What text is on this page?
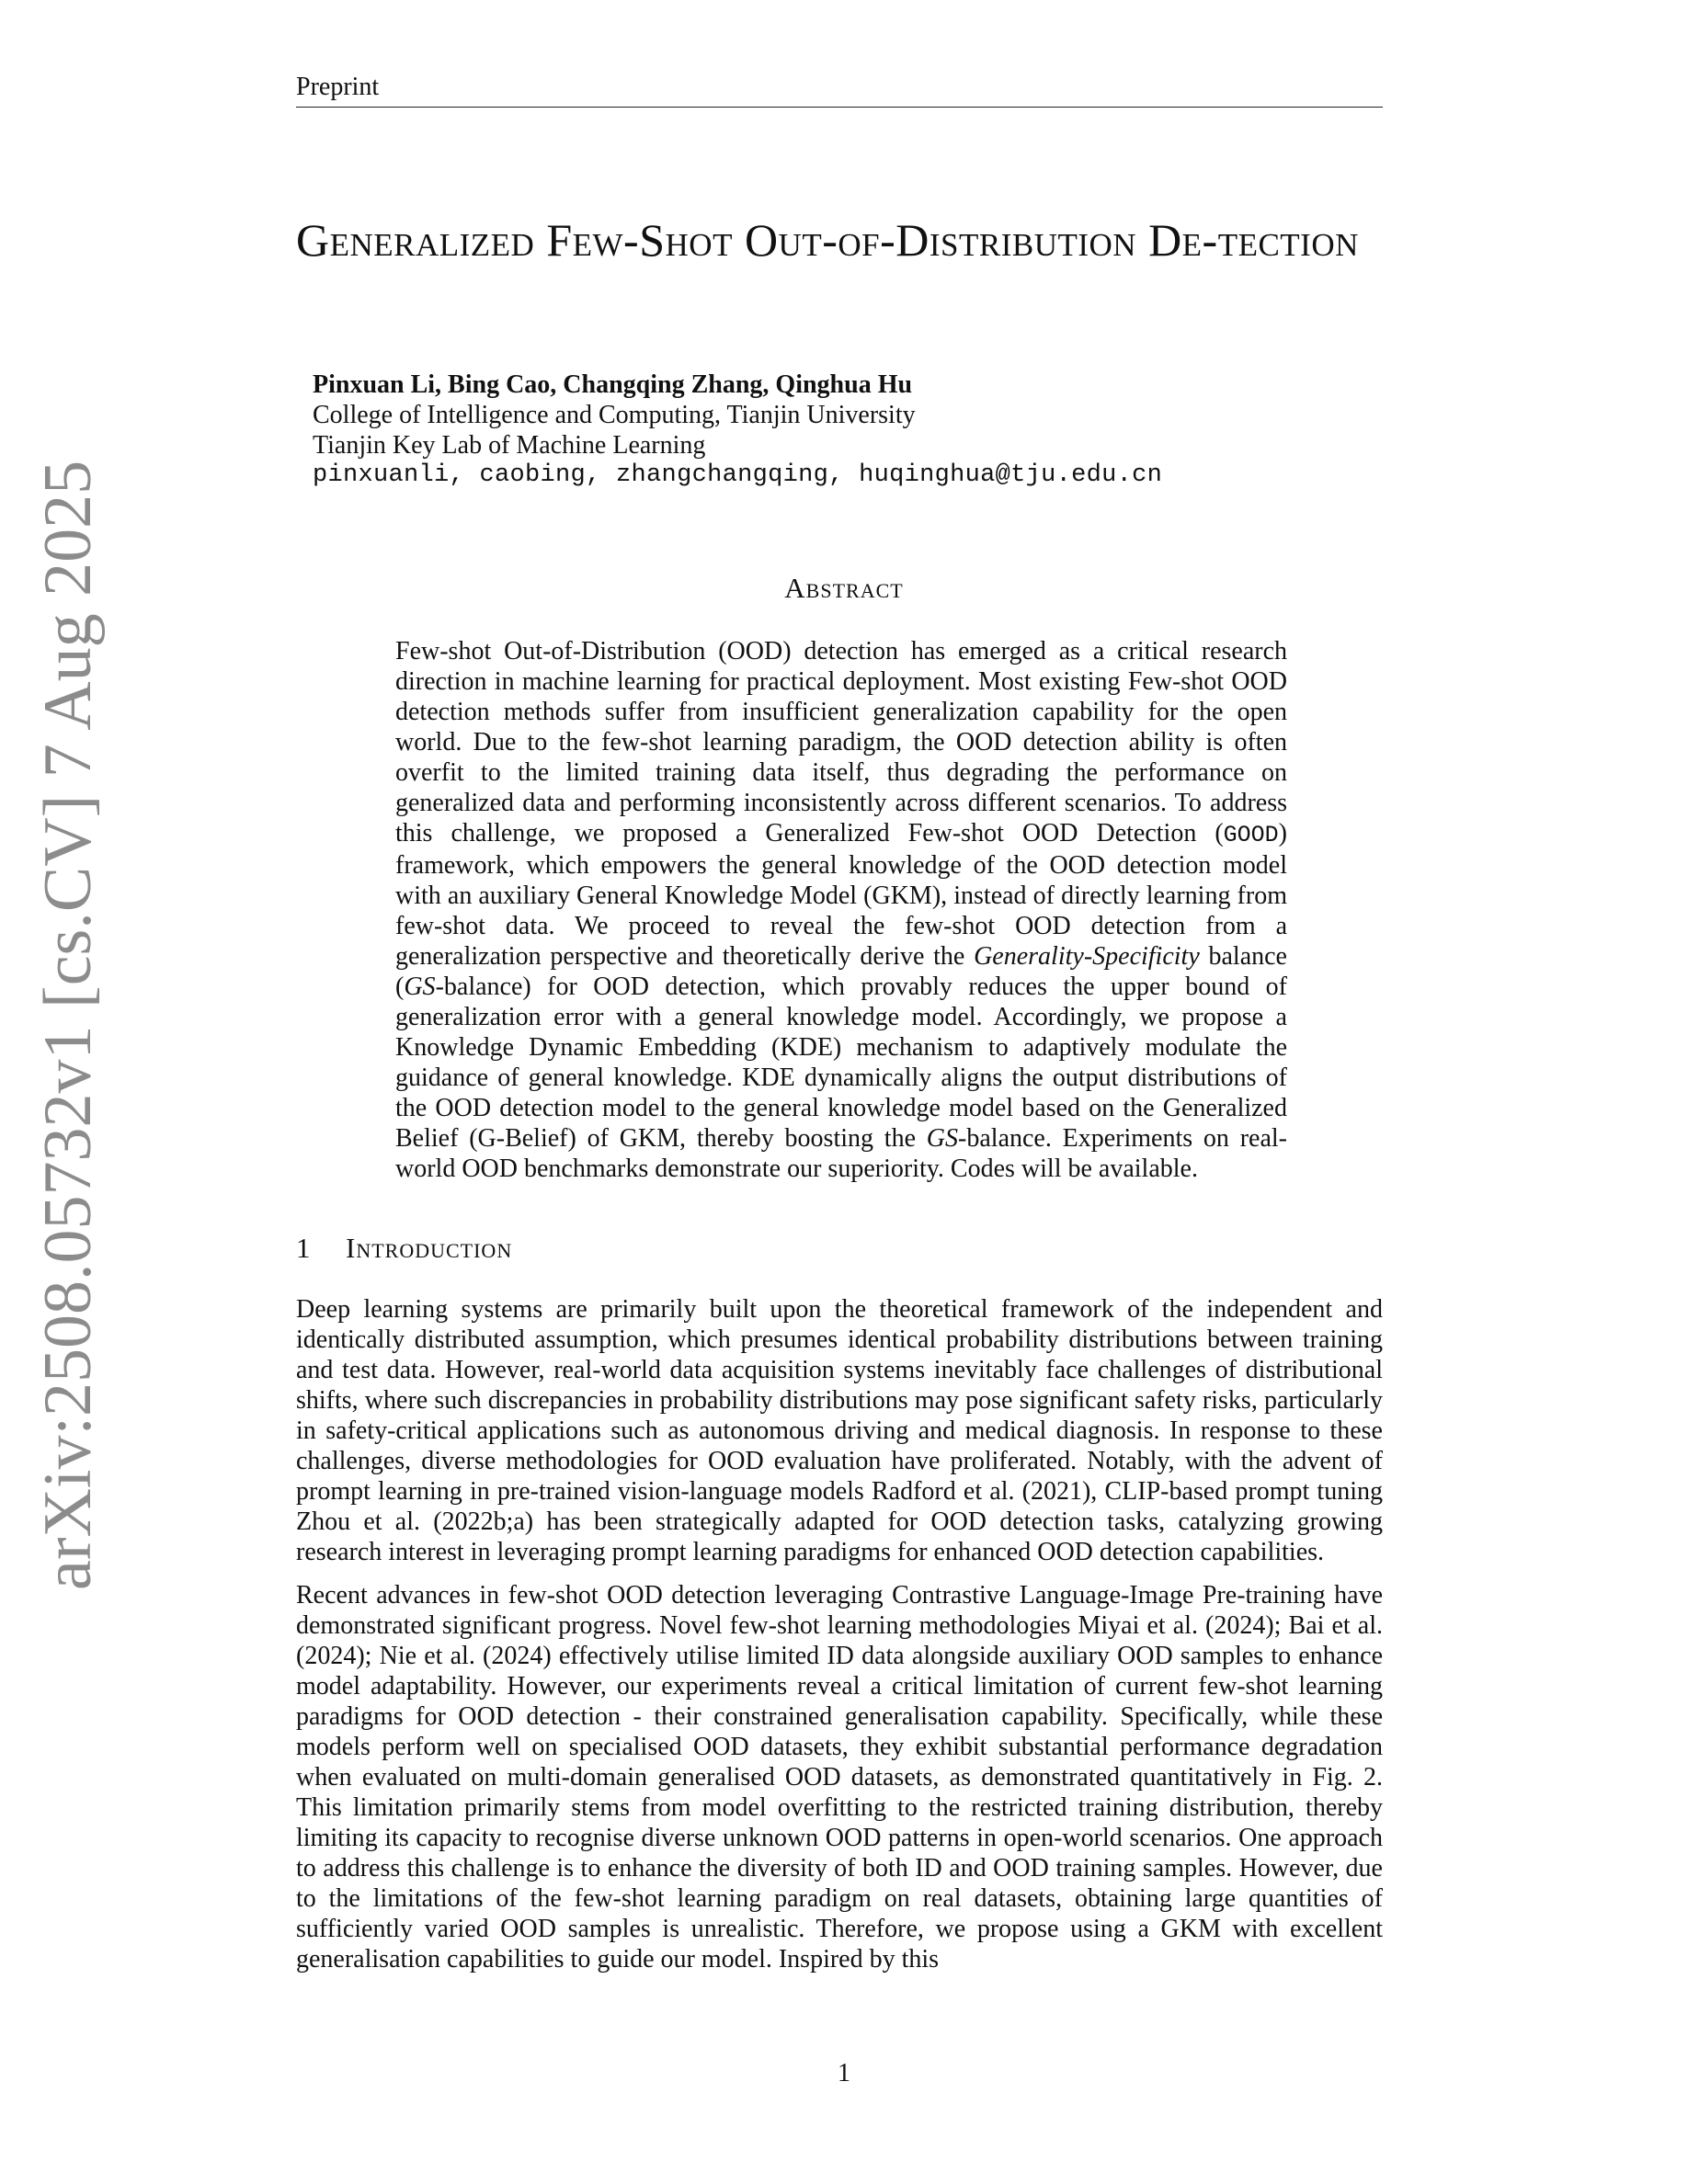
Preprint
Generalized Few-Shot Out-of-Distribution De-tection
Pinxuan Li, Bing Cao, Changqing Zhang, Qinghua Hu
College of Intelligence and Computing, Tianjin University
Tianjin Key Lab of Machine Learning
pinxuanli, caobing, zhangchangqing, huqinghua@tju.edu.cn
Abstract

Few-shot Out-of-Distribution (OOD) detection has emerged as a critical research direction in machine learning for practical deployment. Most existing Few-shot OOD detection methods suffer from insufficient generalization capability for the open world. Due to the few-shot learning paradigm, the OOD detection ability is often overfit to the limited training data itself, thus degrading the performance on generalized data and performing inconsistently across different scenarios. To address this challenge, we proposed a Generalized Few-shot OOD Detection (GOOD) framework, which empowers the general knowledge of the OOD detection model with an auxiliary General Knowledge Model (GKM), instead of directly learning from few-shot data. We proceed to reveal the few-shot OOD detection from a generalization perspective and theoretically derive the Generality-Specificity balance (GS-balance) for OOD detection, which provably reduces the upper bound of generalization error with a general knowledge model. Accordingly, we propose a Knowledge Dynamic Embedding (KDE) mechanism to adaptively modulate the guidance of general knowledge. KDE dynamically aligns the output distributions of the OOD detection model to the general knowledge model based on the Generalized Belief (G-Belief) of GKM, thereby boosting the GS-balance. Experiments on real-world OOD benchmarks demonstrate our superiority. Codes will be available.

1 Introduction

Deep learning systems are primarily built upon the theoretical framework of the independent and identically distributed assumption, which presumes identical probability distributions between training and test data. However, real-world data acquisition systems inevitably face challenges of distributional shifts, where such discrepancies in probability distributions may pose significant safety risks, particularly in safety-critical applications such as autonomous driving and medical diagnosis. In response to these challenges, diverse methodologies for OOD evaluation have proliferated. Notably, with the advent of prompt learning in pre-trained vision-language models Radford et al. (2021), CLIP-based prompt tuning Zhou et al. (2022b;a) has been strategically adapted for OOD detection tasks, catalyzing growing research interest in leveraging prompt learning paradigms for enhanced OOD detection capabilities.

Recent advances in few-shot OOD detection leveraging Contrastive Language-Image Pre-training have demonstrated significant progress. Novel few-shot learning methodologies Miyai et al. (2024); Bai et al. (2024); Nie et al. (2024) effectively utilise limited ID data alongside auxiliary OOD samples to enhance model adaptability. However, our experiments reveal a critical limitation of current few-shot learning paradigms for OOD detection - their constrained generalisation capability. Specifically, while these models perform well on specialised OOD datasets, they exhibit substantial performance degradation when evaluated on multi-domain generalised OOD datasets, as demonstrated quantitatively in Fig. 2. This limitation primarily stems from model overfitting to the restricted training distribution, thereby limiting its capacity to recognise diverse unknown OOD patterns in open-world scenarios. One approach to address this challenge is to enhance the diversity of both ID and OOD training samples. However, due to the limitations of the few-shot learning paradigm on real datasets, obtaining large quantities of sufficiently varied OOD samples is unrealistic. Therefore, we propose using a GKM with excellent generalisation capabilities to guide our model. Inspired by this

arXiv:2508.05732v1 [cs.CV] 7 Aug 2025
1
